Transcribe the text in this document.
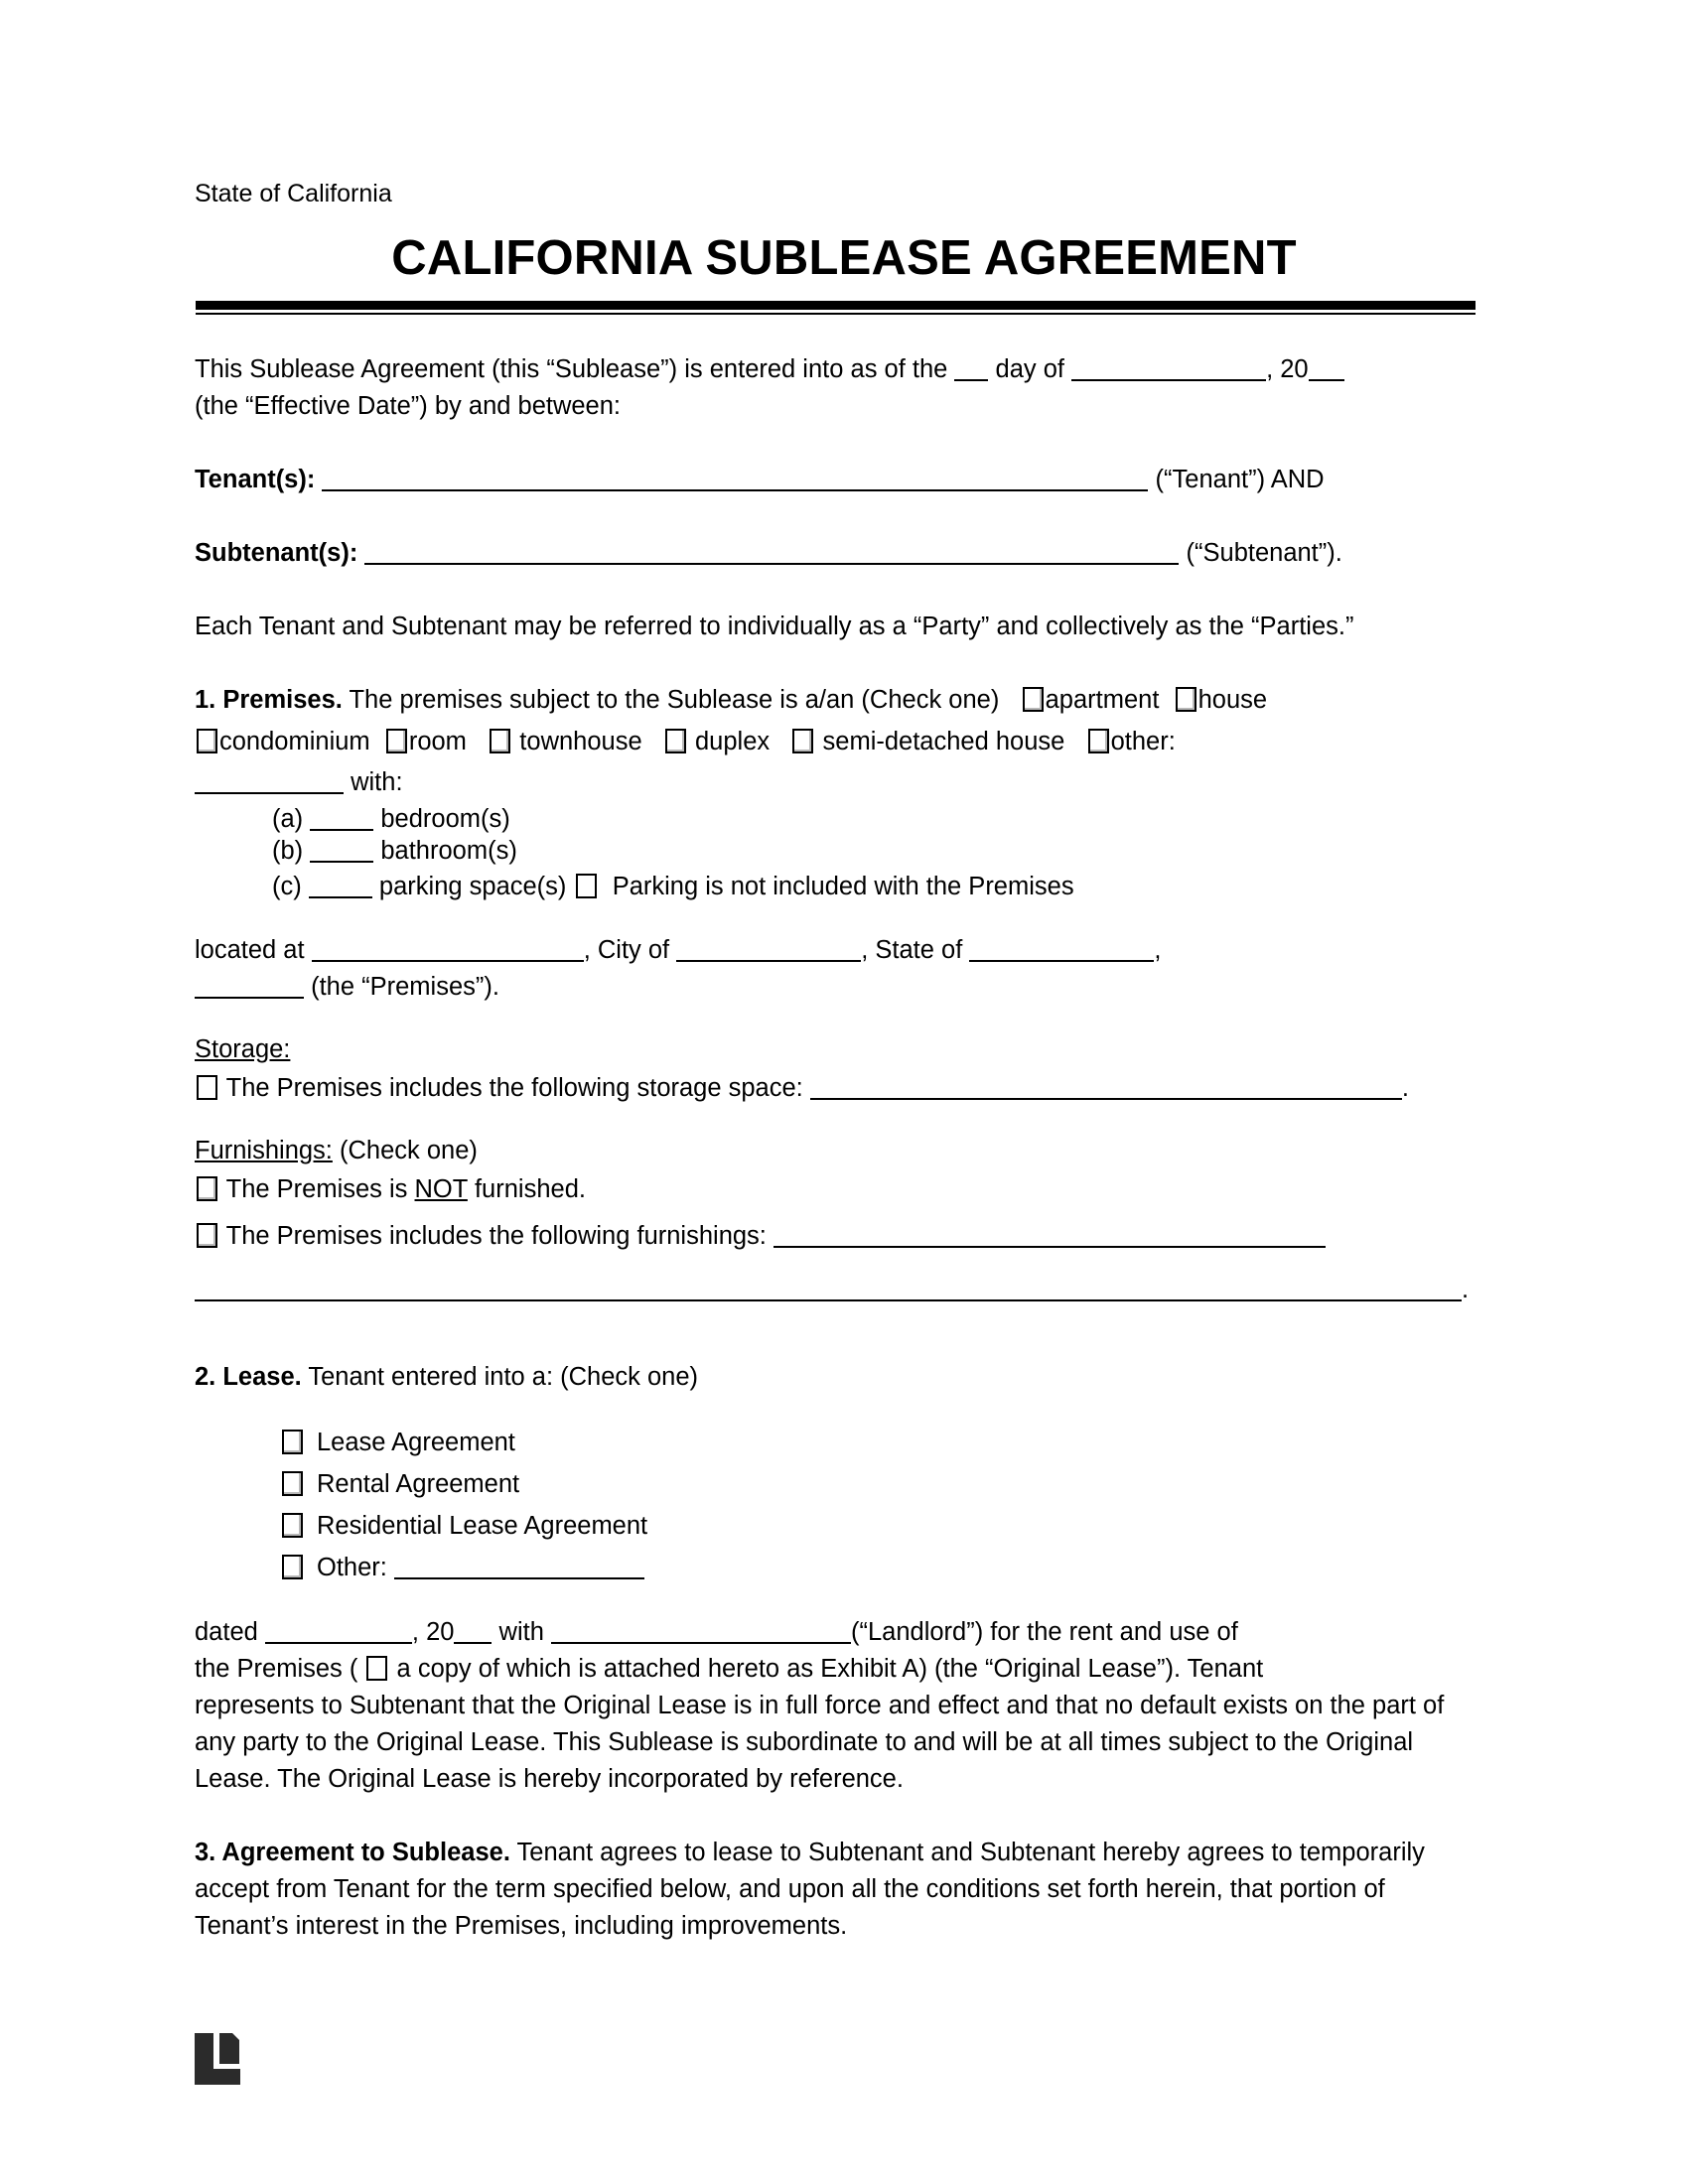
State of California
CALIFORNIA SUBLEASE AGREEMENT
This Sublease Agreement (this “Sublease”) is entered into as of the  day of	, 20
(the “Effective Date”) by and between:
Tenant(s):	(“Tenant”) AND
Subtenant(s):	(“Subtenant”).
Each Tenant and Subtenant may be referred to individually as a “Party” and collectively as the “Parties.”
1. Premises. The premises subject to the Sublease is a/an (Check one) apartment house
condominium room townhouse duplex semi-detached house other:
with:
(a)	bedroom(s)
(b)	bathroom(s)
(c)	parking space(s) Parking is not included with the Premises
located at	, City of	, State of	,
(the “Premises”).
Storage:
The Premises includes the following storage space:	.
Furnishings: (Check one)
The Premises is NOT furnished.
The Premises includes the following furnishings:
.
2. Lease. Tenant entered into a: (Check one)
Lease Agreement
Rental Agreement
Residential Lease Agreement
Other:
dated	, 20 with	(“Landlord”) for the rent and use of
the Premises (  a copy of which is attached hereto as Exhibit A) (the “Original Lease”). Tenant
represents to Subtenant that the Original Lease is in full force and effect and that no default exists on the part of any party to the Original Lease. This Sublease is subordinate to and will be at all times subject to the Original Lease. The Original Lease is hereby incorporated by reference.
3. Agreement to Sublease. Tenant agrees to lease to Subtenant and Subtenant hereby agrees to temporarily accept from Tenant for the term specified below, and upon all the conditions set forth herein, that portion of Tenant’s interest in the Premises, including improvements.
